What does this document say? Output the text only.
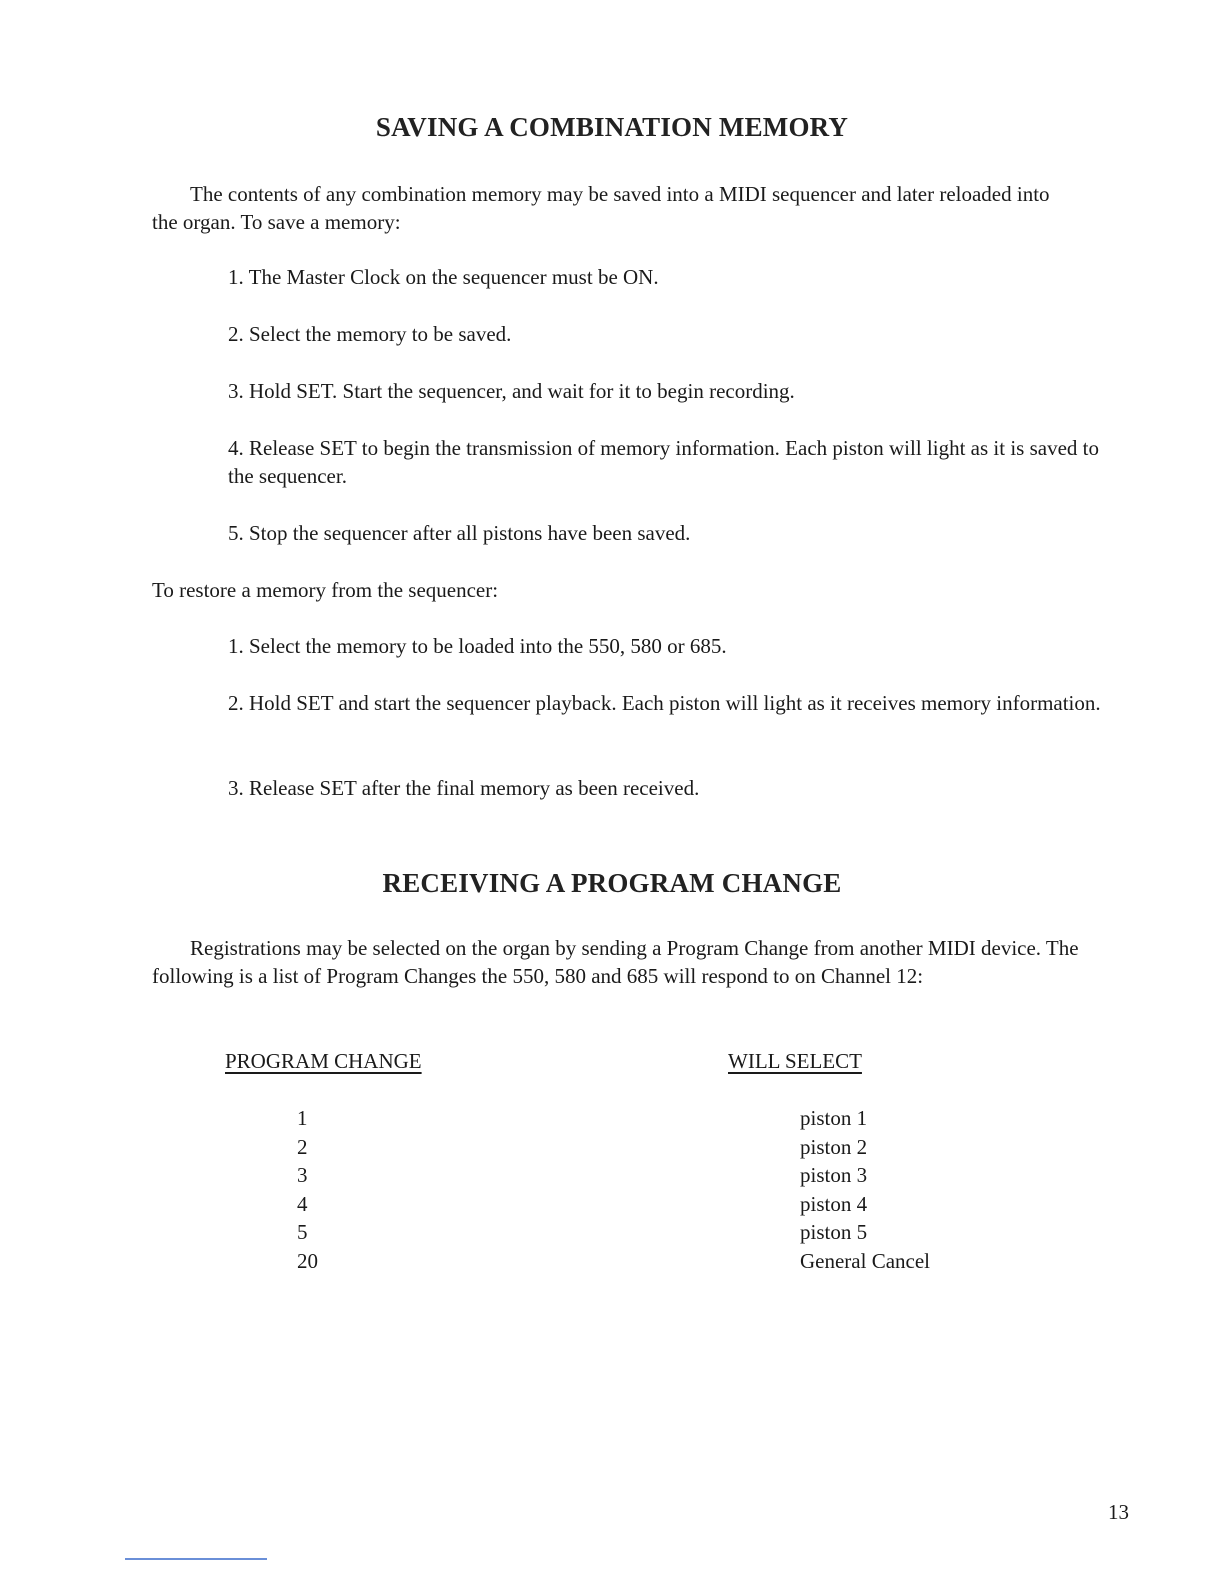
SAVING A COMBINATION MEMORY

The contents of any combination memory may be saved into a MIDI sequencer and later reloaded into the organ. To save a memory:

1. The Master Clock on the sequencer must be ON.

2. Select the memory to be saved.

3. Hold SET. Start the sequencer, and wait for it to begin recording.

4. Release SET to begin the transmission of memory information. Each piston will light as it is saved to the sequencer.

5. Stop the sequencer after all pistons have been saved.

To restore a memory from the sequencer:

1. Select the memory to be loaded into the 550, 580 or 685.

2. Hold SET and start the sequencer playback. Each piston will light as it receives memory information.

3. Release SET after the final memory as been received.

RECEIVING A PROGRAM CHANGE

Registrations may be selected on the organ by sending a Program Change from another MIDI device. The following is a list of Program Changes the 550, 580 and 685 will respond to on Channel 12:

PROGRAM CHANGE	WILL SELECT
1
2
3
4
5
20
piston 1
piston 2
piston 3
piston 4
piston 5
General Cancel
13
